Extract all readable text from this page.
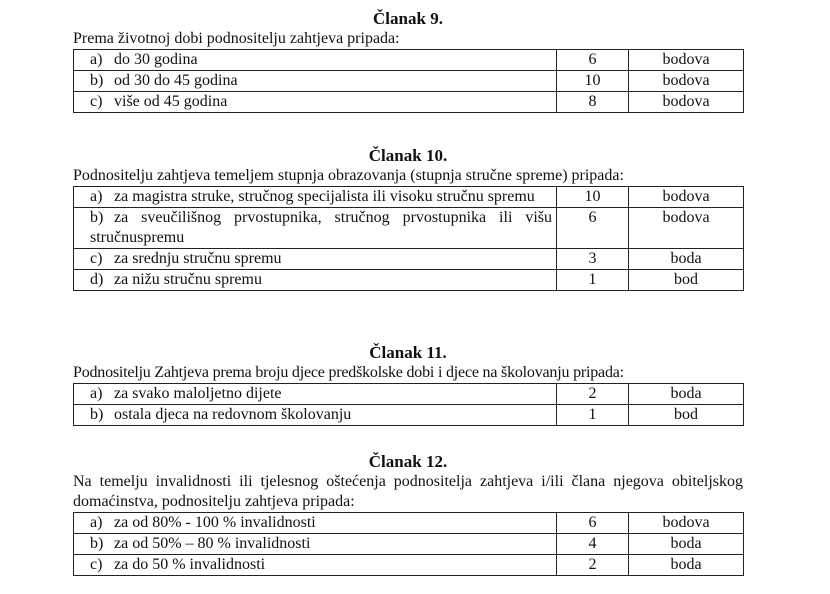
Članak 9.

Prema životnoj dobi podnositelju zahtjeva pripada:

a) do 30 godina	6	bodova
b) od 30 do 45 godina	10	bodova
c) više od 45 godina	8	bodova

Članak 10.

Podnositelju zahtjeva temeljem stupnja obrazovanja (stupnja stručne spreme) pripada:

a) za magistra struke, stručnog specijalista ili visoku stručnu spremu	10	bodova
b) za sveučilišnog prvostupnika, stručnog prvostupnika ili višu stručnuspremu	6	bodova
c) za srednju stručnu spremu	3	boda
d) za nižu stručnu spremu	1	bod

Članak 11.

Podnositelju Zahtjeva prema broju djece predškolske dobi i djece na školovanju pripada:

a) za svako maloljetno dijete	2	boda
b) ostala djeca na redovnom školovanju	1	bod

Članak 12.

Na temelju invalidnosti ili tjelesnog oštećenja podnositelja zahtjeva i/ili člana njegova obiteljskog domaćinstva, podnositelju zahtjeva pripada:

a) za od 80% - 100 % invalidnosti	6	bodova
b) za od 50% – 80 % invalidnosti	4	boda
c) za do 50 % invalidnosti	2	boda
